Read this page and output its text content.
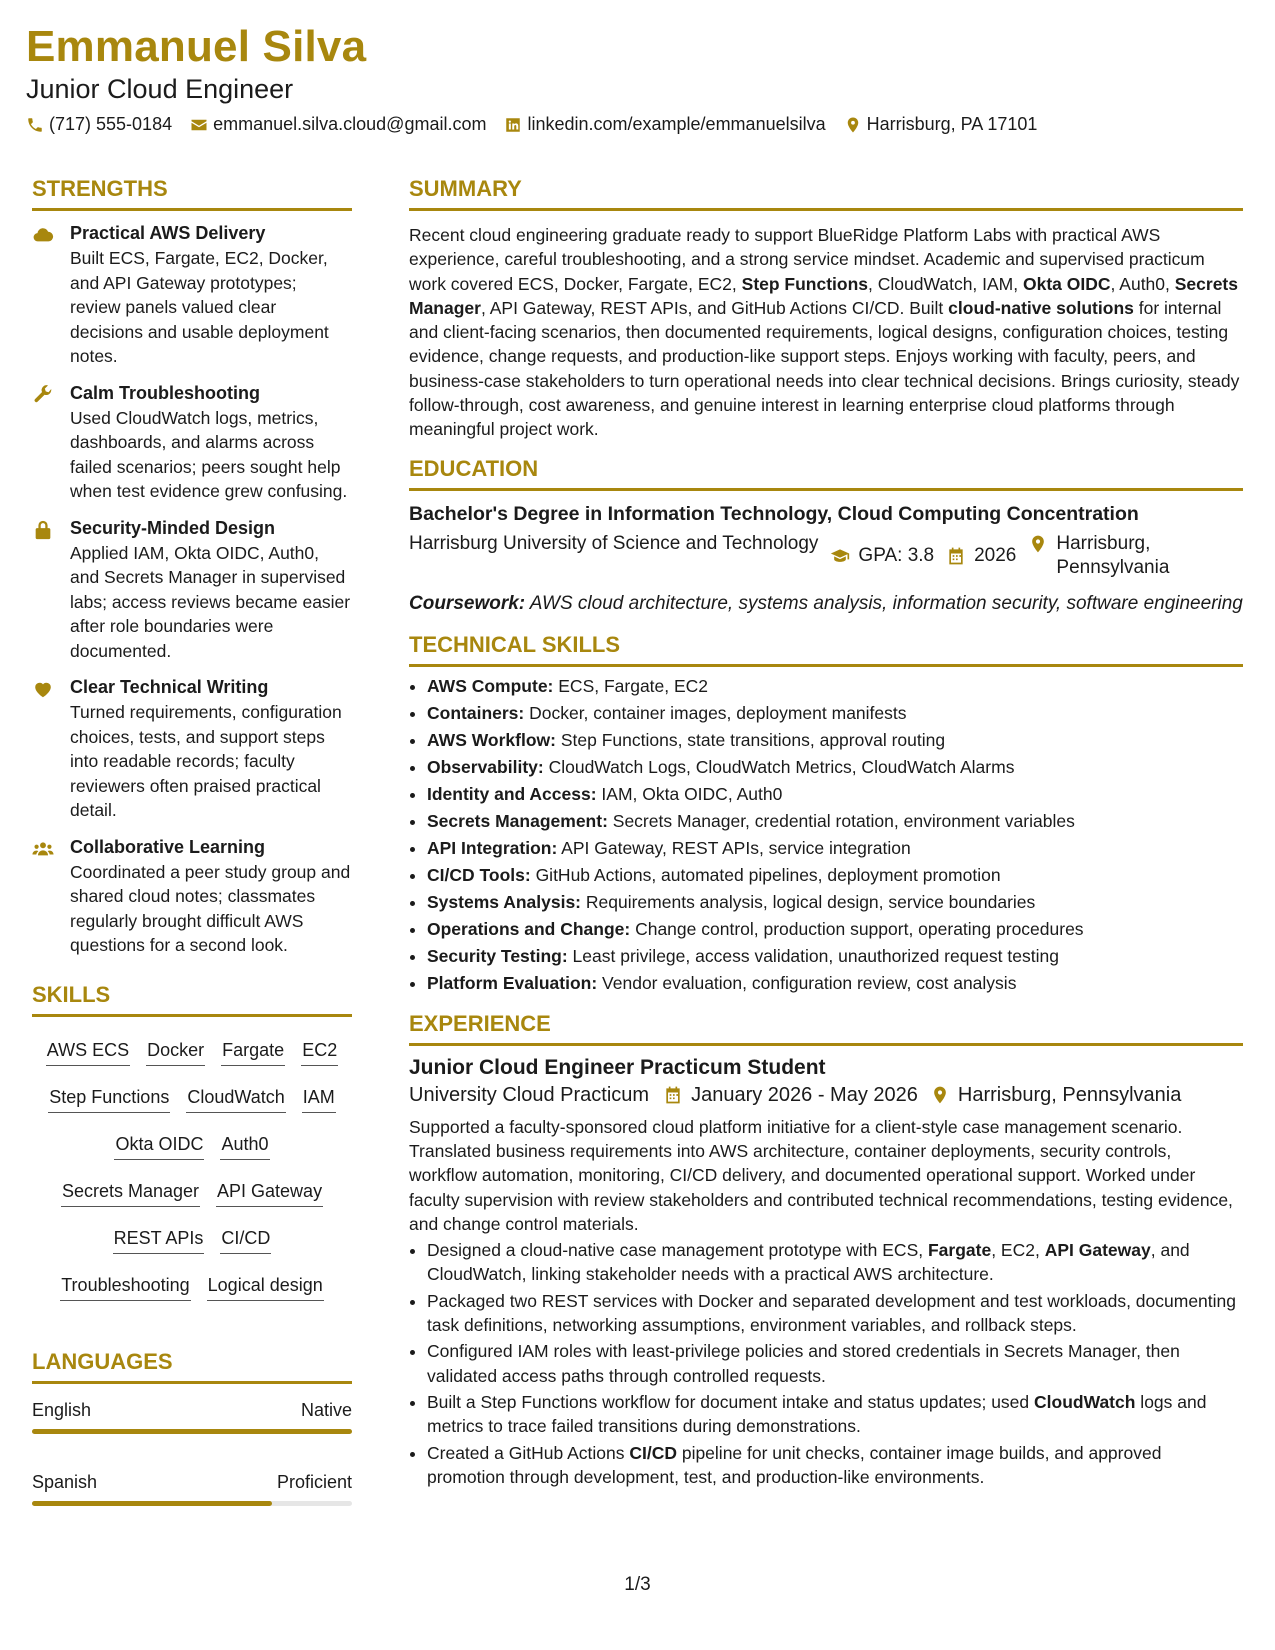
Emmanuel Silva
Junior Cloud Engineer
(717) 555-0184 emmanuel.silva.cloud@gmail.com linkedin.com/example/emmanuelsilva Harrisburg, PA 17101
STRENGTHS
Practical AWS Delivery
Built ECS, Fargate, EC2, Docker, and API Gateway prototypes; review panels valued clear decisions and usable deployment notes.
Calm Troubleshooting
Used CloudWatch logs, metrics, dashboards, and alarms across failed scenarios; peers sought help when test evidence grew confusing.
Security-Minded Design
Applied IAM, Okta OIDC, Auth0, and Secrets Manager in supervised labs; access reviews became easier after role boundaries were documented.
Clear Technical Writing
Turned requirements, configuration choices, tests, and support steps into readable records; faculty reviewers often praised practical detail.
Collaborative Learning
Coordinated a peer study group and shared cloud notes; classmates regularly brought difficult AWS questions for a second look.
SKILLS
AWS ECS Docker Fargate EC2
Step Functions CloudWatch IAM
Okta OIDC Auth0
Secrets Manager API Gateway
REST APIs CI/CD
Troubleshooting Logical design
LANGUAGES
English	Native
Spanish	Proficient
SUMMARY
Recent cloud engineering graduate ready to support BlueRidge Platform Labs with practical AWS experience, careful troubleshooting, and a strong service mindset. Academic and supervised practicum work covered ECS, Docker, Fargate, EC2, Step Functions, CloudWatch, IAM, Okta OIDC, Auth0, Secrets Manager, API Gateway, REST APIs, and GitHub Actions CI/CD. Built cloud-native solutions for internal and client-facing scenarios, then documented requirements, logical designs, configuration choices, testing evidence, change requests, and production-like support steps. Enjoys working with faculty, peers, and business-case stakeholders to turn operational needs into clear technical decisions. Brings curiosity, steady follow-through, cost awareness, and genuine interest in learning enterprise cloud platforms through meaningful project work.
EDUCATION
Bachelor's Degree in Information Technology, Cloud Computing Concentration
Harrisburg University of Science and Technology
GPA: 3.8 2026
Harrisburg, Pennsylvania
Coursework: AWS cloud architecture, systems analysis, information security, software engineering
TECHNICAL SKILLS
• AWS Compute: ECS, Fargate, EC2
• Containers: Docker, container images, deployment manifests
• AWS Workflow: Step Functions, state transitions, approval routing
• Observability: CloudWatch Logs, CloudWatch Metrics, CloudWatch Alarms
• Identity and Access: IAM, Okta OIDC, Auth0
• Secrets Management: Secrets Manager, credential rotation, environment variables
• API Integration: API Gateway, REST APIs, service integration
• CI/CD Tools: GitHub Actions, automated pipelines, deployment promotion
• Systems Analysis: Requirements analysis, logical design, service boundaries
• Operations and Change: Change control, production support, operating procedures
• Security Testing: Least privilege, access validation, unauthorized request testing
• Platform Evaluation: Vendor evaluation, configuration review, cost analysis
EXPERIENCE
Junior Cloud Engineer Practicum Student
University Cloud Practicum January 2026 - May 2026 Harrisburg, Pennsylvania
Supported a faculty-sponsored cloud platform initiative for a client-style case management scenario. Translated business requirements into AWS architecture, container deployments, security controls, workflow automation, monitoring, CI/CD delivery, and documented operational support. Worked under faculty supervision with review stakeholders and contributed technical recommendations, testing evidence, and change control materials.
• Designed a cloud-native case management prototype with ECS, Fargate, EC2, API Gateway, and CloudWatch, linking stakeholder needs with a practical AWS architecture.
• Packaged two REST services with Docker and separated development and test workloads, documenting task definitions, networking assumptions, environment variables, and rollback steps.
• Configured IAM roles with least-privilege policies and stored credentials in Secrets Manager, then validated access paths through controlled requests.
• Built a Step Functions workflow for document intake and status updates; used CloudWatch logs and metrics to trace failed transitions during demonstrations.
• Created a GitHub Actions CI/CD pipeline for unit checks, container image builds, and approved promotion through development, test, and production-like environments.
1/3
